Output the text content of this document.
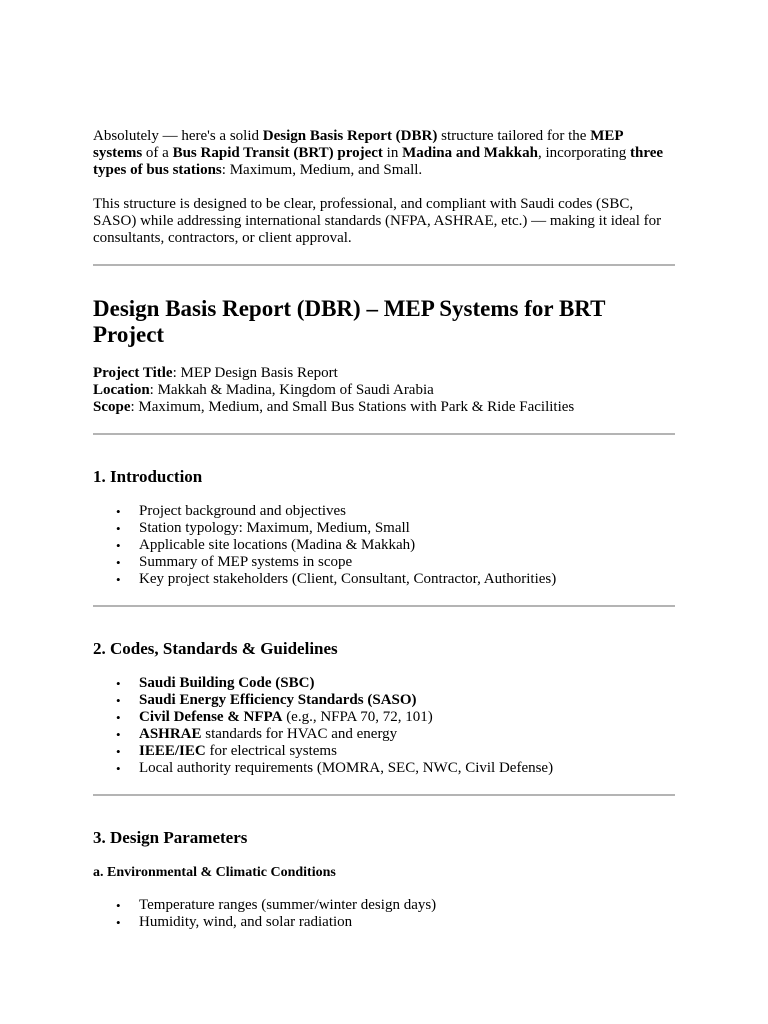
Absolutely — here's a solid Design Basis Report (DBR) structure tailored for the MEP systems of a Bus Rapid Transit (BRT) project in Madina and Makkah, incorporating three types of bus stations: Maximum, Medium, and Small.

This structure is designed to be clear, professional, and compliant with Saudi codes (SBC, SASO) while addressing international standards (NFPA, ASHRAE, etc.) — making it ideal for consultants, contractors, or client approval.

Design Basis Report (DBR) – MEP Systems for BRT Project

Project Title: MEP Design Basis Report
Location: Makkah & Madina, Kingdom of Saudi Arabia
Scope: Maximum, Medium, and Small Bus Stations with Park & Ride Facilities

1. Introduction
• Project background and objectives
• Station typology: Maximum, Medium, Small
• Applicable site locations (Madina & Makkah)
• Summary of MEP systems in scope
• Key project stakeholders (Client, Consultant, Contractor, Authorities)
2. Codes, Standards & Guidelines
• Saudi Building Code (SBC)
• Saudi Energy Efficiency Standards (SASO)
• Civil Defense & NFPA (e.g., NFPA 70, 72, 101)
• ASHRAE standards for HVAC and energy
• IEEE/IEC for electrical systems
• Local authority requirements (MOMRA, SEC, NWC, Civil Defense)
3. Design Parameters
a. Environmental & Climatic Conditions
• Temperature ranges (summer/winter design days)
• Humidity, wind, and solar radiation
